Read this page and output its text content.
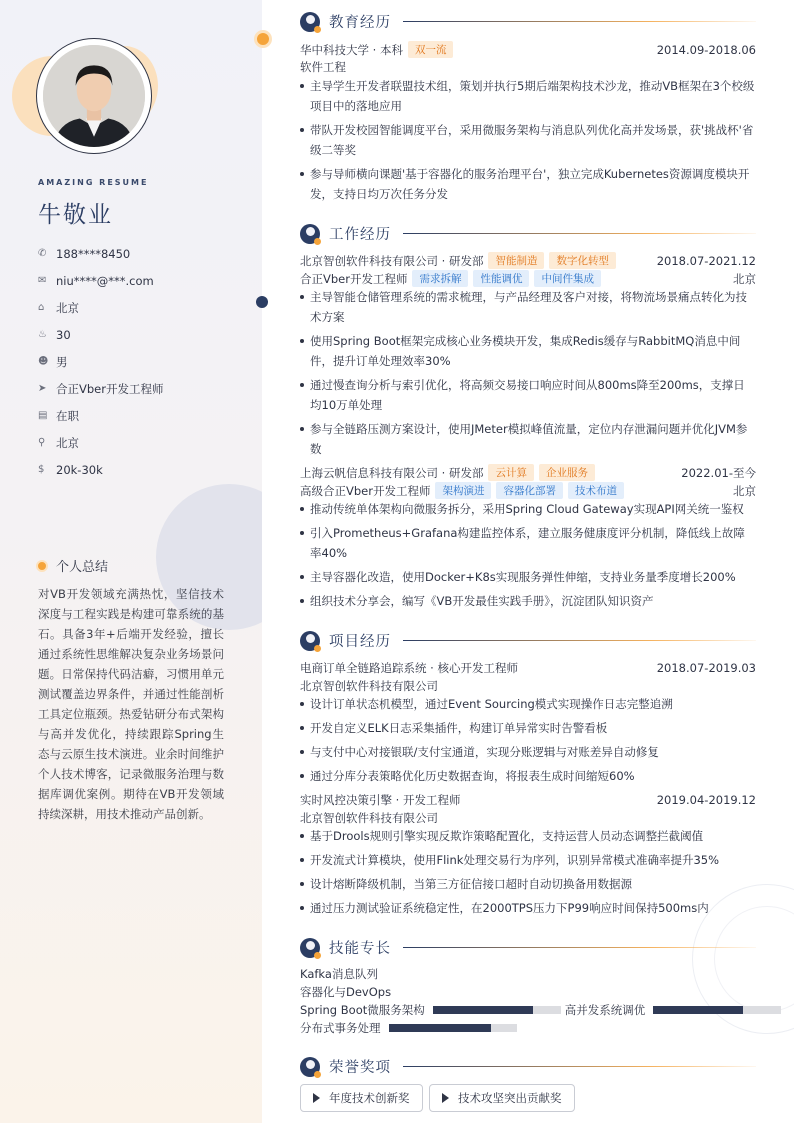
AMAZING RESUME
牛敬业
✆ 188****8450
✉ niu****@***.com
⌂	北京
♨ 30
☻ 男
➤ 合正Vber开发工程师
▤ 在职
⚲ 北京
$	20k-30k
个人总结
对VB开发领域充满热忱，坚信技术深度与工程实践是构建可靠系统的基石。具备3年+后端开发经验，擅长通过系统性思维解决复杂业务场景问题。日常保持代码洁癖，习惯用单元测试覆盖边界条件，并通过性能剖析工具定位瓶颈。热爱钻研分布式架构与高并发优化，持续跟踪Spring生态与云原生技术演进。业余时间维护个人技术博客，记录微服务治理与数据库调优案例。期待在VB开发领域持续深耕，用技术推动产品创新。
教育经历
华中科技大学 · 本科	双一流	2014.09-2018.06
软件工程
主导学生开发者联盟技术组，策划并执行5期后端架构技术沙龙，推动VB框架在3个校级项目中的落地应用
带队开发校园智能调度平台，采用微服务架构与消息队列优化高并发场景，获'挑战杯'省级二等奖
参与导师横向课题'基于容器化的服务治理平台'，独立完成Kubernetes资源调度模块开发，支持日均万次任务分发
工作经历
北京智创软件科技有限公司 · 研发部	智能制造	数字化转型	2018.07-2021.12
合正Vber开发工程师	需求拆解	性能调优	中间件集成	北京
主导智能仓储管理系统的需求梳理，与产品经理及客户对接，将物流场景痛点转化为技术方案
使用Spring Boot框架完成核心业务模块开发，集成Redis缓存与RabbitMQ消息中间件，提升订单处理效率30%
通过慢查询分析与索引优化，将高频交易接口响应时间从800ms降至200ms，支撑日均10万单处理
参与全链路压测方案设计，使用JMeter模拟峰值流量，定位内存泄漏问题并优化JVM参数
上海云帆信息科技有限公司 · 研发部	云计算	企业服务	2022.01-至今
高级合正Vber开发工程师	架构演进	容器化部署	技术布道	北京
推动传统单体架构向微服务拆分，采用Spring Cloud Gateway实现API网关统一鉴权
引入Prometheus+Grafana构建监控体系，建立服务健康度评分机制，降低线上故障率40%
主导容器化改造，使用Docker+K8s实现服务弹性伸缩，支持业务量季度增长200%
组织技术分享会，编写《VB开发最佳实践手册》，沉淀团队知识资产
项目经历
电商订单全链路追踪系统 · 核心开发工程师	2018.07-2019.03
北京智创软件科技有限公司
设计订单状态机模型，通过Event Sourcing模式实现操作日志完整追溯
开发自定义ELK日志采集插件，构建订单异常实时告警看板
与支付中心对接银联/支付宝通道，实现分账逻辑与对账差异自动修复
通过分库分表策略优化历史数据查询，将报表生成时间缩短60%
实时风控决策引擎 · 开发工程师	2019.04-2019.12
北京智创软件科技有限公司
基于Drools规则引擎实现反欺诈策略配置化，支持运营人员动态调整拦截阈值
开发流式计算模块，使用Flink处理交易行为序列，识别异常模式准确率提升35%
设计熔断降级机制，当第三方征信接口超时自动切换备用数据源
通过压力测试验证系统稳定性，在2000TPS压力下P99响应时间保持500ms内
技能专长
Kafka消息队列
容器化与DevOps
Spring Boot微服务架构	高并发系统调优
分布式事务处理
荣誉奖项
年度技术创新奖	技术攻坚突出贡献奖
